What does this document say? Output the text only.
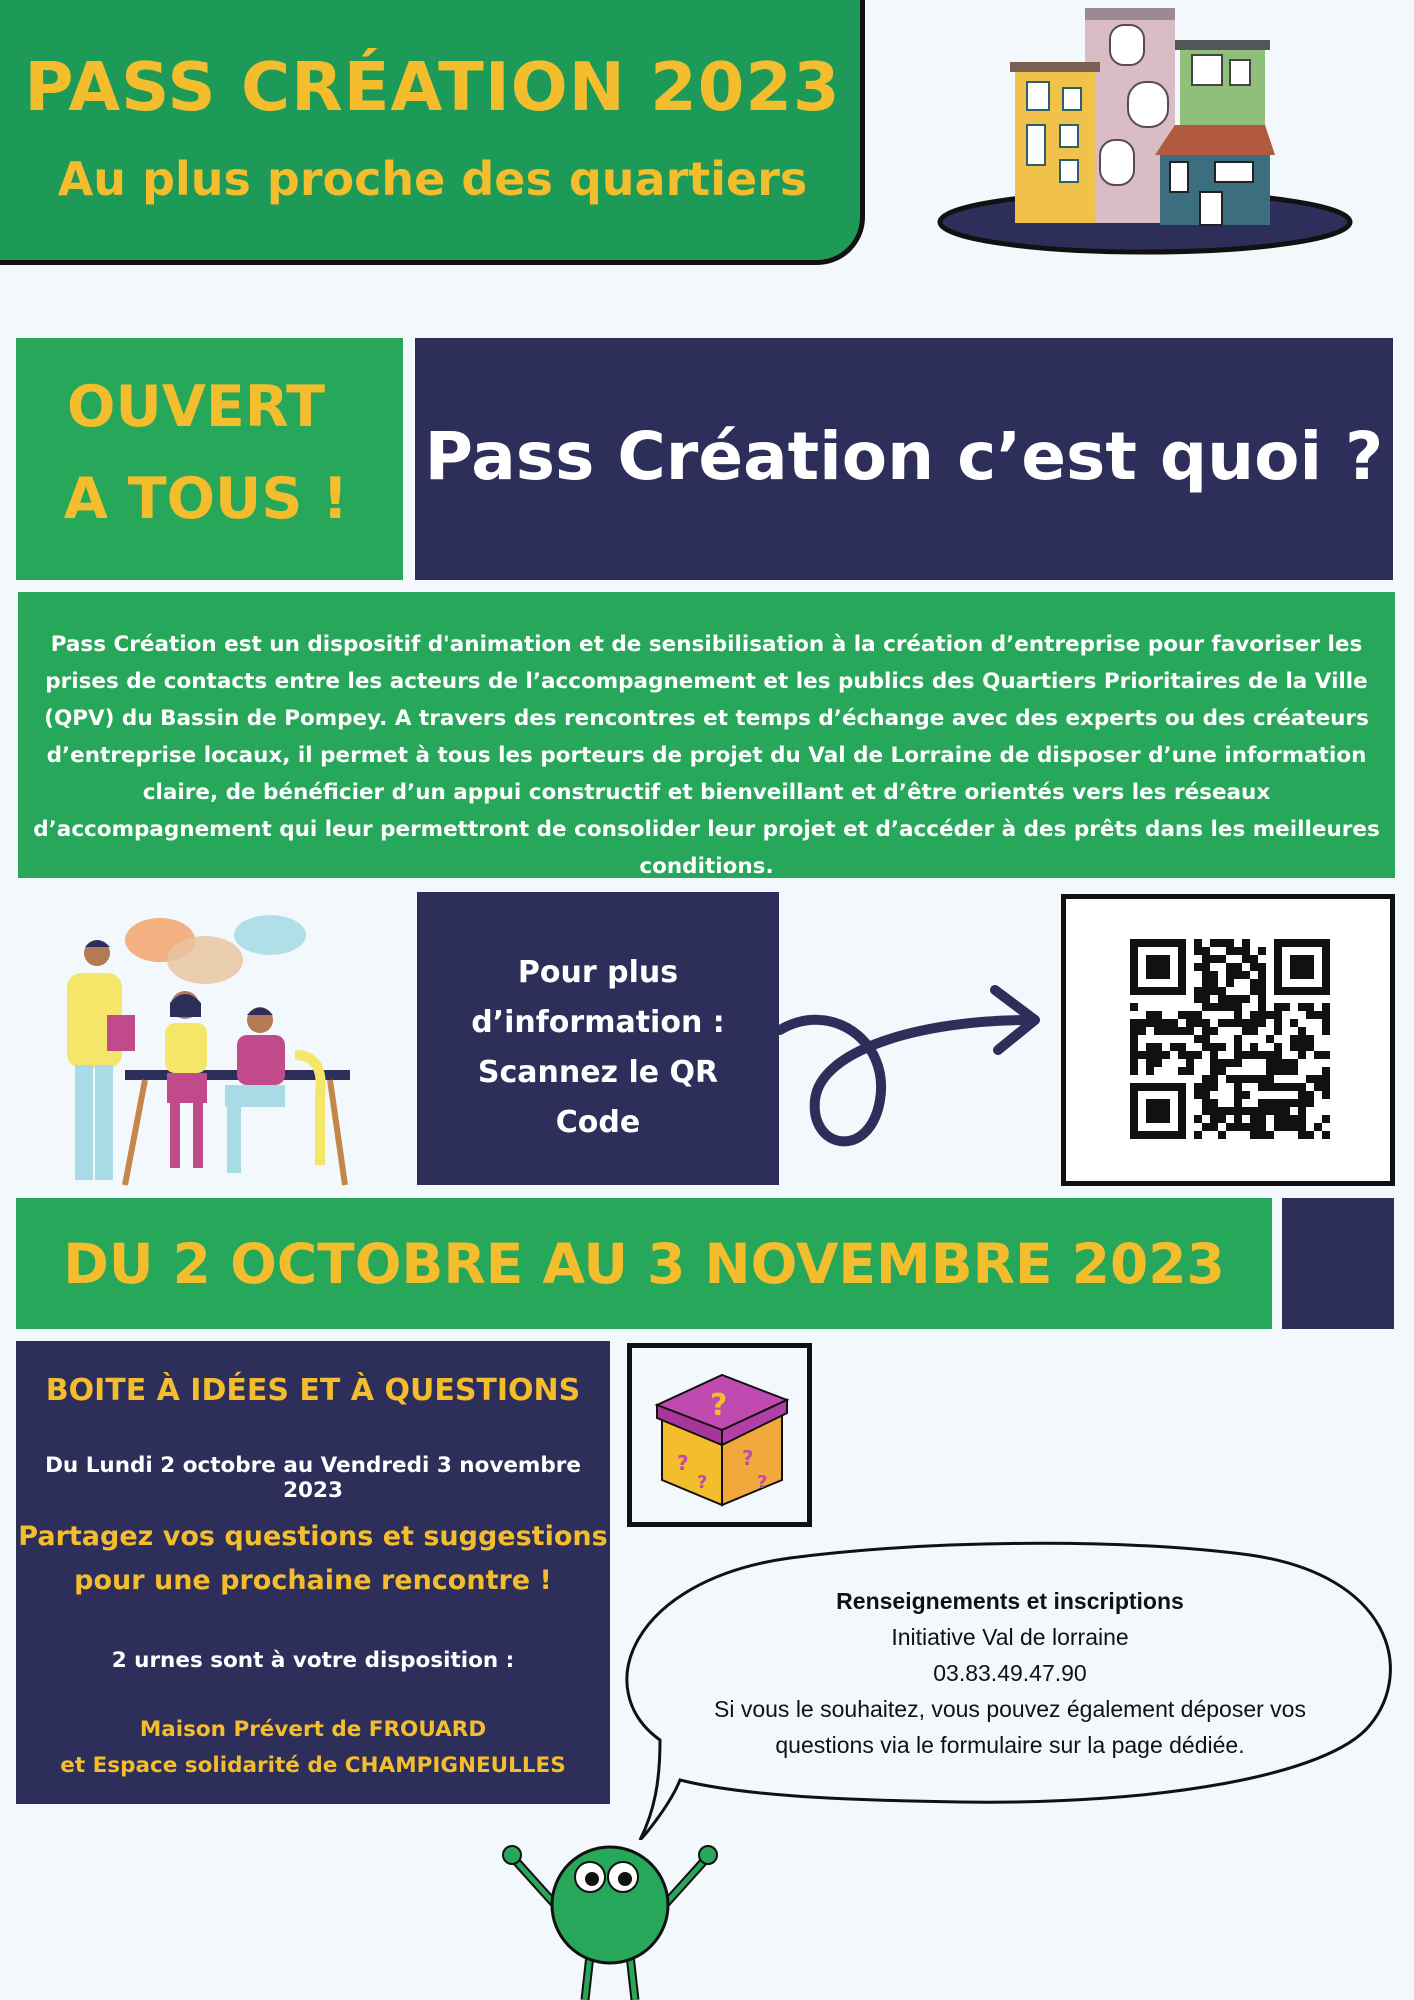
PASS CRÉATION 2023
Au plus proche des quartiers
OUVERT
A TOUS !
Pass Création c’est quoi ?
Pass Création est un dispositif d'animation et de sensibilisation à la création d’entreprise pour favoriser les prises de contacts entre les acteurs de l’accompagnement et les publics des Quartiers Prioritaires de la Ville (QPV) du Bassin de Pompey. A travers des rencontres et temps d’échange avec des experts ou des créateurs d’entreprise locaux, il permet à tous les porteurs de projet du Val de Lorraine de disposer d’une information claire, de bénéficier d’un appui constructif et bienveillant et d’être orientés vers les réseaux d’accompagnement qui leur permettront de consolider leur projet et d’accéder à des prêts dans les meilleures conditions.
Pour plus
d’information :
Scannez le QR
Code
DU 2 OCTOBRE AU 3 NOVEMBRE 2023
BOITE À IDÉES ET À QUESTIONS
Du Lundi 2 octobre au Vendredi 3 novembre 2023
Partagez vos questions et suggestions
pour une prochaine rencontre !
2 urnes sont à votre disposition :
Maison Prévert de FROUARD
et Espace solidarité de CHAMPIGNEULLES
?
?
?
?
?
Renseignements et inscriptions
Initiative Val de lorraine
03.83.49.47.90
Si vous le souhaitez, vous pouvez également déposer vos
questions via le formulaire sur la page dédiée.
